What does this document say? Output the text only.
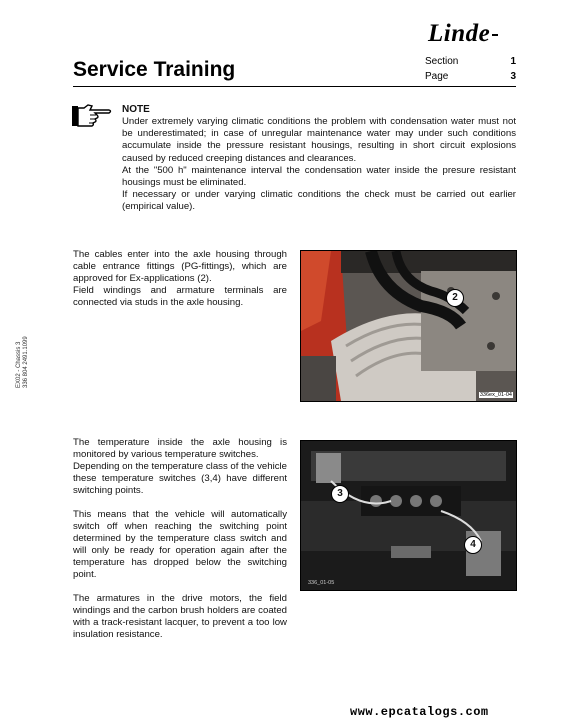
Linde
Section	1
Page	3
Service Training
NOTE

Under extremely varying climatic conditions the problem with condensation water must not be underestimated; in case of unregular maintenance water may under such conditions accumulate inside the pressure resistant housings, resulting in short circuit explosions caused by reduced creeping distances and clearances.

At the "500 h" maintenance interval the condensation water inside the presure resistant housings must be eliminated.

If necessary or under varying climatic conditions the check must be carried out earlier (empirical value).

The cables enter into the axle housing through cable entrance fittings (PG-fittings), which are approved for Ex-applications (2).

Field windings and armature terminals are connected via studs in the axle housing.	2
336ex_01-04

The temperature inside the axle housing is monitored by various temperature switches.

Depending on the temperature class of the vehicle these temperature switches (3,4) have different switching points.

This means that the vehicle will automatically switch off when reaching the switching point determined by the temperature class switch and will only be ready for operation again after the temperature has dropped below the switching point.

The armatures in the drive motors, the field windings and the carbon brush holders are coated with a track-resistant lacquer, to prevent a too low insulation resistance.

3
4
336_01-05
EX02 - Chassis 3 336 804 2491.1099
www.epcatalogs.com
